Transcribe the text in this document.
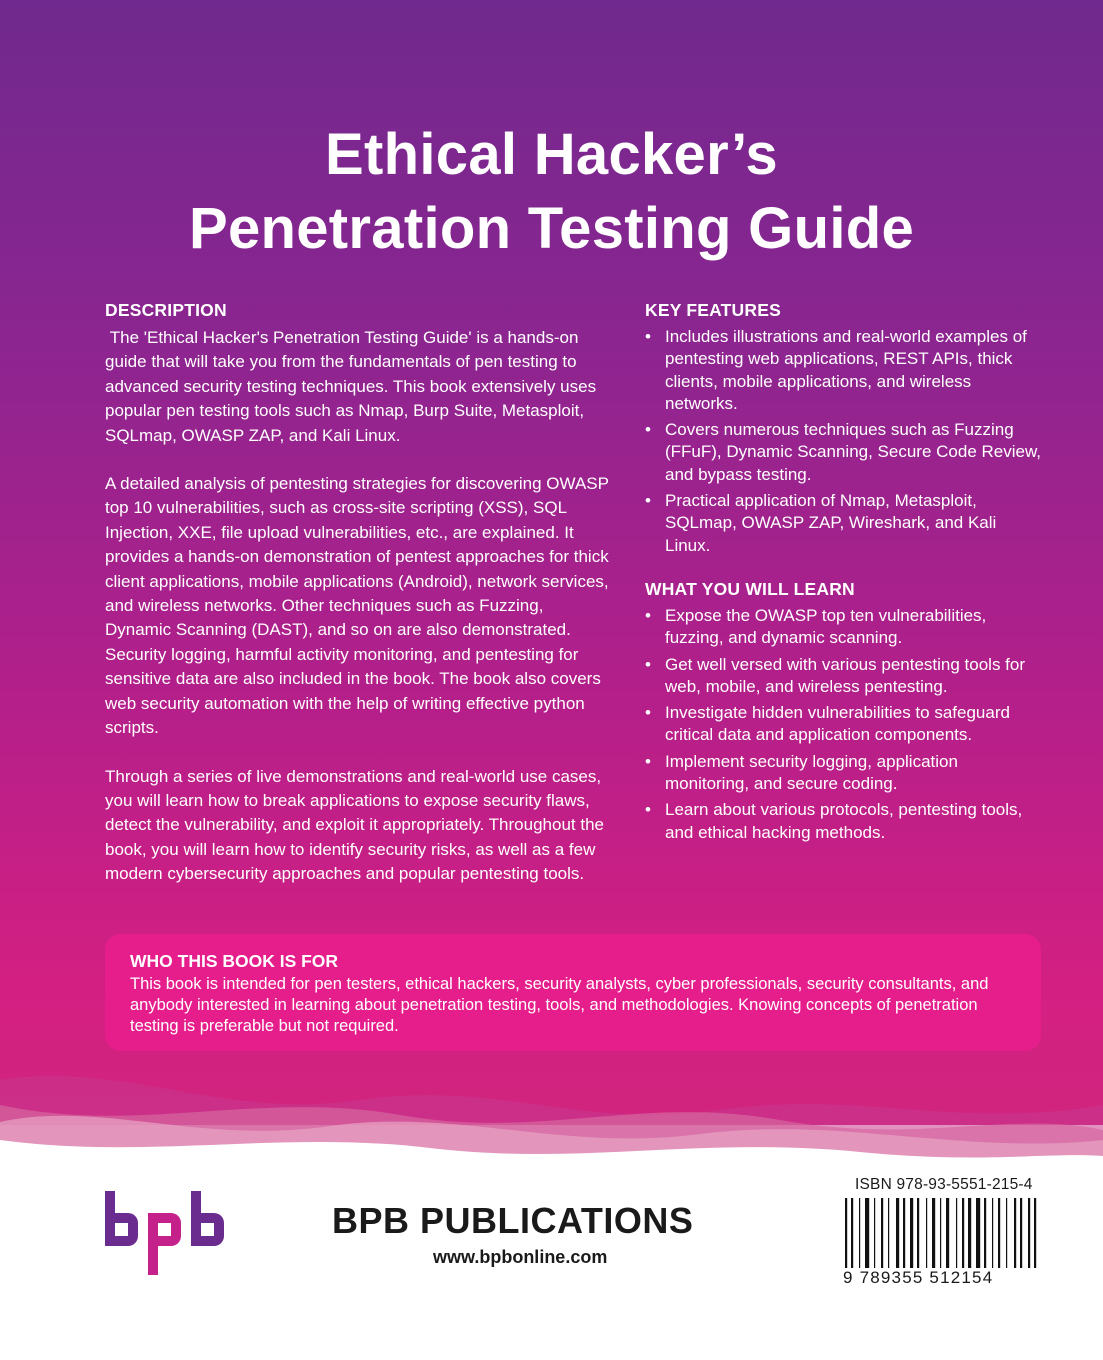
Ethical Hacker’s
Penetration Testing Guide
DESCRIPTION

The 'Ethical Hacker's Penetration Testing Guide' is a hands-on guide that will take you from the fundamentals of pen testing to advanced security testing techniques. This book extensively uses popular pen testing tools such as Nmap, Burp Suite, Metasploit, SQLmap, OWASP ZAP, and Kali Linux.

A detailed analysis of pentesting strategies for discovering OWASP top 10 vulnerabilities, such as cross-site scripting (XSS), SQL Injection, XXE, file upload vulnerabilities, etc., are explained. It provides a hands-on demonstration of pentest approaches for thick client applications, mobile applications (Android), network services, and wireless networks. Other techniques such as Fuzzing, Dynamic Scanning (DAST), and so on are also demonstrated. Security logging, harmful activity monitoring, and pentesting for sensitive data are also included in the book. The book also covers web security automation with the help of writing effective python scripts.

Through a series of live demonstrations and real-world use cases, you will learn how to break applications to expose security flaws, detect the vulnerability, and exploit it appropriately. Throughout the book, you will learn how to identify security risks, as well as a few modern cybersecurity approaches and popular pentesting tools.

KEY FEATURES
• Includes illustrations and real-world examples of pentesting web applications, REST APIs, thick clients, mobile applications, and wireless networks.
• Covers numerous techniques such as Fuzzing (FFuF), Dynamic Scanning, Secure Code Review, and bypass testing.
• Practical application of Nmap, Metasploit, SQLmap, OWASP ZAP, Wireshark, and Kali Linux.
WHAT YOU WILL LEARN
• Expose the OWASP top ten vulnerabilities, fuzzing, and dynamic scanning.
• Get well versed with various pentesting tools for web, mobile, and wireless pentesting.
• Investigate hidden vulnerabilities to safeguard critical data and application components.
• Implement security logging, application monitoring, and secure coding.
• Learn about various protocols, pentesting tools, and ethical hacking methods.
WHO THIS BOOK IS FOR

This book is intended for pen testers, ethical hackers, security analysts, cyber professionals, security consultants, and anybody interested in learning about penetration testing, tools, and methodologies. Knowing concepts of penetration testing is preferable but not required.

BPB PUBLICATIONS
www.bpbonline.com
ISBN 978-93-5551-215-4
9 789355 512154
